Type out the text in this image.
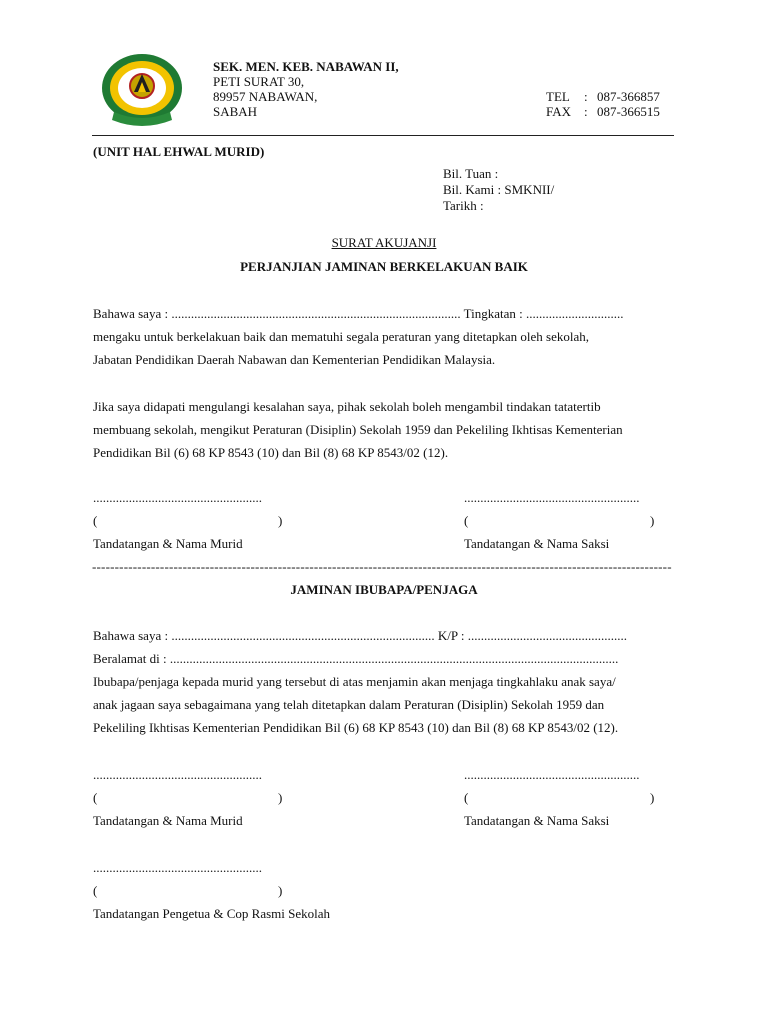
SEK. MEN. KEB. NABAWAN II,
PETI SURAT 30,
89957 NABAWAN,
SABAH
TEL : 087-366857
FAX : 087-366515
(UNIT HAL EHWAL MURID)
Bil. Tuan :
Bil. Kami : SMKNII/
Tarikh :
SURAT AKUJANJI
PERJANJIAN JAMINAN BERKELAKUAN BAIK
Bahawa saya : ......................................................................................... Tingkatan : ..............................
mengaku untuk berkelakuan baik dan mematuhi segala peraturan yang ditetapkan oleh sekolah,
Jabatan Pendidikan Daerah Nabawan dan Kementerian Pendidikan Malaysia.
Jika saya didapati mengulangi kesalahan saya, pihak sekolah boleh mengambil tindakan tatatertib
membuang sekolah, mengikut Peraturan (Disiplin) Sekolah 1959 dan Pekeliling Ikhtisas Kementerian
Pendidikan Bil (6) 68 KP 8543 (10) dan Bil (8) 68 KP 8543/02 (12).
....................................................	......................................................
(	)	(	)
Tandatangan & Nama Murid	Tandatangan & Nama Saksi
--------------------------------------------------------------------------------------------------------------------------------
JAMINAN IBUBAPA/PENJAGA
Bahawa saya : ................................................................................. K/P : .................................................
Beralamat di : ..........................................................................................................................................
Ibubapa/penjaga kepada murid yang tersebut di atas menjamin akan menjaga tingkahlaku anak saya/
anak jagaan saya sebagaimana yang telah ditetapkan dalam Peraturan (Disiplin) Sekolah 1959 dan
Pekeliling Ikhtisas Kementerian Pendidikan Bil (6) 68 KP 8543 (10) dan Bil (8) 68 KP 8543/02 (12).
....................................................	......................................................
(	)	(	)
Tandatangan & Nama Murid	Tandatangan & Nama Saksi
....................................................
(	)
Tandatangan Pengetua & Cop Rasmi Sekolah
